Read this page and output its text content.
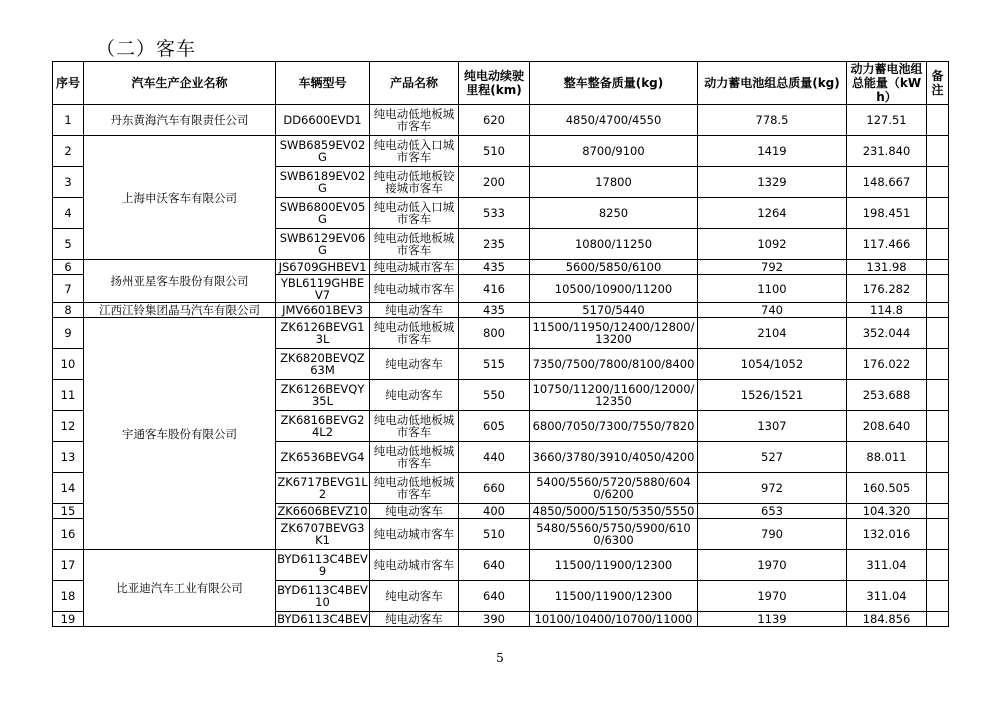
（二）客车
序号	汽车生产企业名称	车辆型号	产品名称	纯电动续驶里程(km)	整车整备质量(kg)	动力蓄电池组总质量(kg)	动力蓄电池组总能量（kWh）	备注
1	丹东黄海汽车有限责任公司	DD6600EVD1	纯电动低地板城市客车	620	4850/4700/4550	778.5	127.51	
2	上海申沃客车有限公司	SWB6859EV02G	纯电动低入口城市客车	510	8700/9100	1419	231.840	
3		SWB6189EV02G	纯电动低地板铰接城市客车	200	17800	1329	148.667	
4		SWB6800EV05G	纯电动低入口城市客车	533	8250	1264	198.451	
5		SWB6129EV06G	纯电动低地板城市客车	235	10800/11250	1092	117.466	
6	扬州亚星客车股份有限公司	JS6709GHBEV1	纯电动城市客车	435	5600/5850/6100	792	131.98	
7		YBL6119GHBEV7	纯电动城市客车	416	10500/10900/11200	1100	176.282	
8	江西江铃集团晶马汽车有限公司	JMV6601BEV3	纯电动客车	435	5170/5440	740	114.8	
9	宇通客车股份有限公司	ZK6126BEVG13L	纯电动低地板城市客车	800	11500/11950/12400/12800/13200	2104	352.044	
10		ZK6820BEVQZ63M	纯电动客车	515	7350/7500/7800/8100/8400	1054/1052	176.022	
11		ZK6126BEVQY35L	纯电动客车	550	10750/11200/11600/12000/12350	1526/1521	253.688	
12		ZK6816BEVG24L2	纯电动低地板城市客车	605	6800/7050/7300/7550/7820	1307	208.640	
13		ZK6536BEVG4	纯电动低地板城市客车	440	3660/3780/3910/4050/4200	527	88.011	
14		ZK6717BEVG1L2	纯电动低地板城市客车	660	5400/5560/5720/5880/6040/6200	972	160.505	
15		ZK6606BEVZ10	纯电动客车	400	4850/5000/5150/5350/5550	653	104.320	
16		ZK6707BEVG3K1	纯电动城市客车	510	5480/5560/5750/5900/6100/6300	790	132.016	
17	比亚迪汽车工业有限公司	BYD6113C4BEV9	纯电动城市客车	640	11500/11900/12300	1970	311.04	
18		BYD6113C4BEV10	纯电动客车	640	11500/11900/12300	1970	311.04	
19		BYD6113C4BEV	纯电动客车	390	10100/10400/10700/11000	1139	184.856	
5
